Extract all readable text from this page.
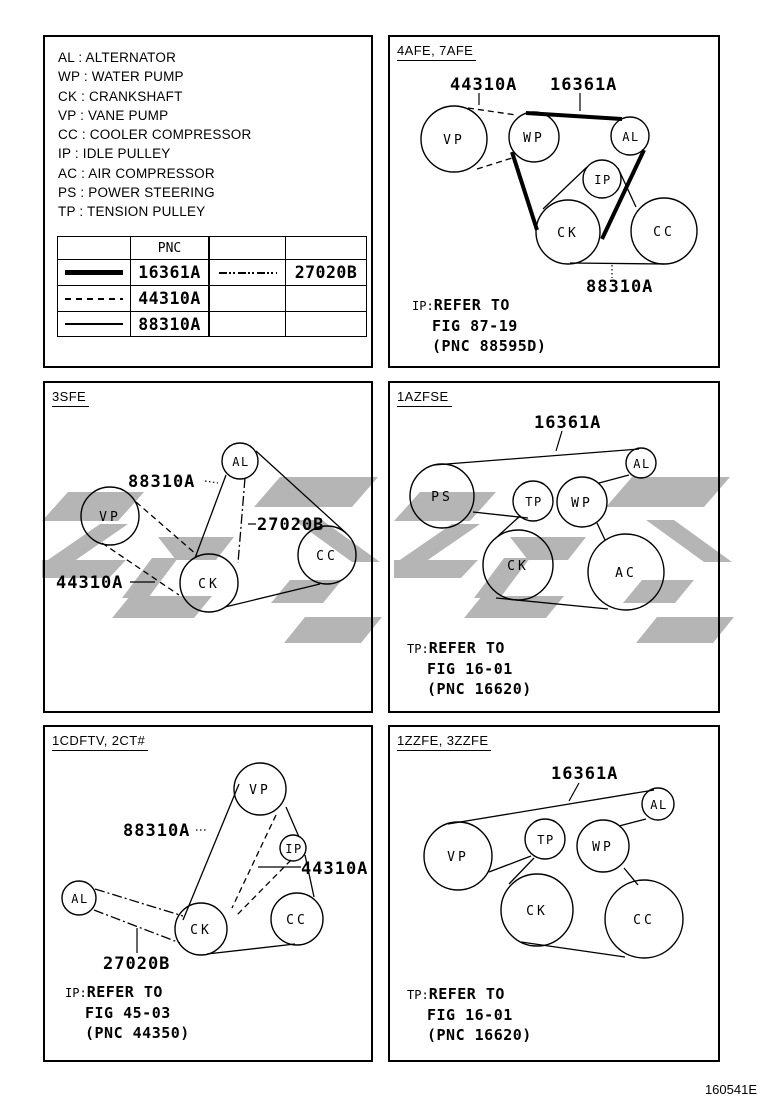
AL : ALTERNATOR
WP : WATER PUMP
CK : CRANKSHAFT
VP : VANE PUMP
CC : COOLER COMPRESSOR
IP : IDLE PULLEY
AC : AIR COMPRESSOR
PS : POWER STEERING
TP : TENSION PULLEY
PNC
16361A	27020B
44310A
88310A
4AFE, 7AFE
VP	WP	AL
IP
CK	CC
44310A 16361A
88310A
IP:REFER TO
FIG 87-19
(PNC 88595D)
3SFE
AL
VP
CK
CC
88310A
27020B
44310A
1AZFSE
PS	TP WP
AL
CK	AC
16361A
TP:REFER TO
FIG 16-01
(PNC 16620)
1CDFTV, 2CT#
VP
IP
AL
CK
CC
88310A
44310A
27020B
IP:REFER TO
FIG 45-03
(PNC 44350)
1ZZFE, 3ZZFE
VP
TP	WP
AL
CK
CC
16361A
TP:REFER TO
FIG 16-01
(PNC 16620)
160541E
